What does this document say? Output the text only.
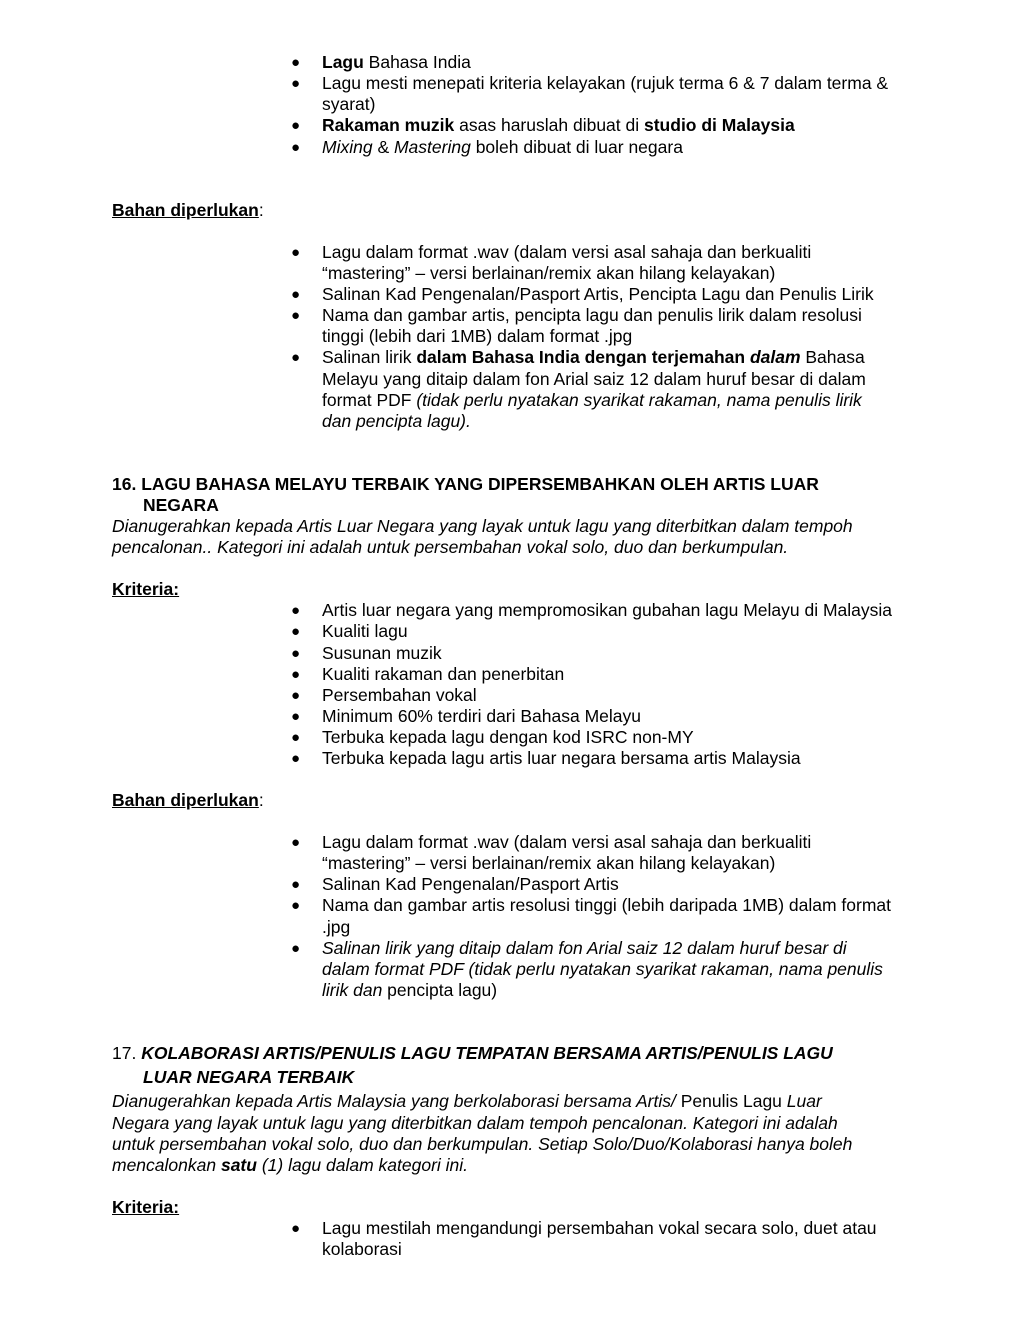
●	Lagu Bahasa India
●	Lagu mesti menepati kriteria kelayakan (rujuk terma 6 & 7 dalam terma &
syarat)
●	Rakaman muzik asas haruslah dibuat di studio di Malaysia
●	Mixing & Mastering boleh dibuat di luar negara
Bahan diperlukan:
●	Lagu dalam format .wav (dalam versi asal sahaja dan berkualiti
“mastering” – versi berlainan/remix akan hilang kelayakan)
●	Salinan Kad Pengenalan/Pasport Artis, Pencipta Lagu dan Penulis Lirik
●	Nama dan gambar artis, pencipta lagu dan penulis lirik dalam resolusi
tinggi (lebih dari 1MB) dalam format .jpg
●	Salinan lirik dalam Bahasa India dengan terjemahan dalam Bahasa
Melayu yang ditaip dalam fon Arial saiz 12 dalam huruf besar di dalam
format PDF (tidak perlu nyatakan syarikat rakaman, nama penulis lirik
dan pencipta lagu).
16. LAGU BAHASA MELAYU TERBAIK YANG DIPERSEMBAHKAN OLEH ARTIS LUAR
NEGARA
Dianugerahkan kepada Artis Luar Negara yang layak untuk lagu yang diterbitkan dalam tempoh
pencalonan.. Kategori ini adalah untuk persembahan vokal solo, duo dan berkumpulan.
Kriteria:
●	Artis luar negara yang mempromosikan gubahan lagu Melayu di Malaysia
●	Kualiti lagu
●	Susunan muzik
●	Kualiti rakaman dan penerbitan
●	Persembahan vokal
●	Minimum 60% terdiri dari Bahasa Melayu
●	Terbuka kepada lagu dengan kod ISRC non-MY
●	Terbuka kepada lagu artis luar negara bersama artis Malaysia
Bahan diperlukan:
●	Lagu dalam format .wav (dalam versi asal sahaja dan berkualiti
“mastering” – versi berlainan/remix akan hilang kelayakan)
●	Salinan Kad Pengenalan/Pasport Artis
●	Nama dan gambar artis resolusi tinggi (lebih daripada 1MB) dalam format
.jpg
●	Salinan lirik yang ditaip dalam fon Arial saiz 12 dalam huruf besar di
dalam format PDF (tidak perlu nyatakan syarikat rakaman, nama penulis
lirik dan pencipta lagu)
17. KOLABORASI ARTIS/PENULIS LAGU TEMPATAN BERSAMA ARTIS/PENULIS LAGU
LUAR NEGARA TERBAIK
Dianugerahkan kepada Artis Malaysia yang berkolaborasi bersama Artis/ Penulis Lagu Luar
Negara yang layak untuk lagu yang diterbitkan dalam tempoh pencalonan. Kategori ini adalah
untuk persembahan vokal solo, duo dan berkumpulan. Setiap Solo/Duo/Kolaborasi hanya boleh
mencalonkan satu (1) lagu dalam kategori ini.
Kriteria:
●	Lagu mestilah mengandungi persembahan vokal secara solo, duet atau
kolaborasi
